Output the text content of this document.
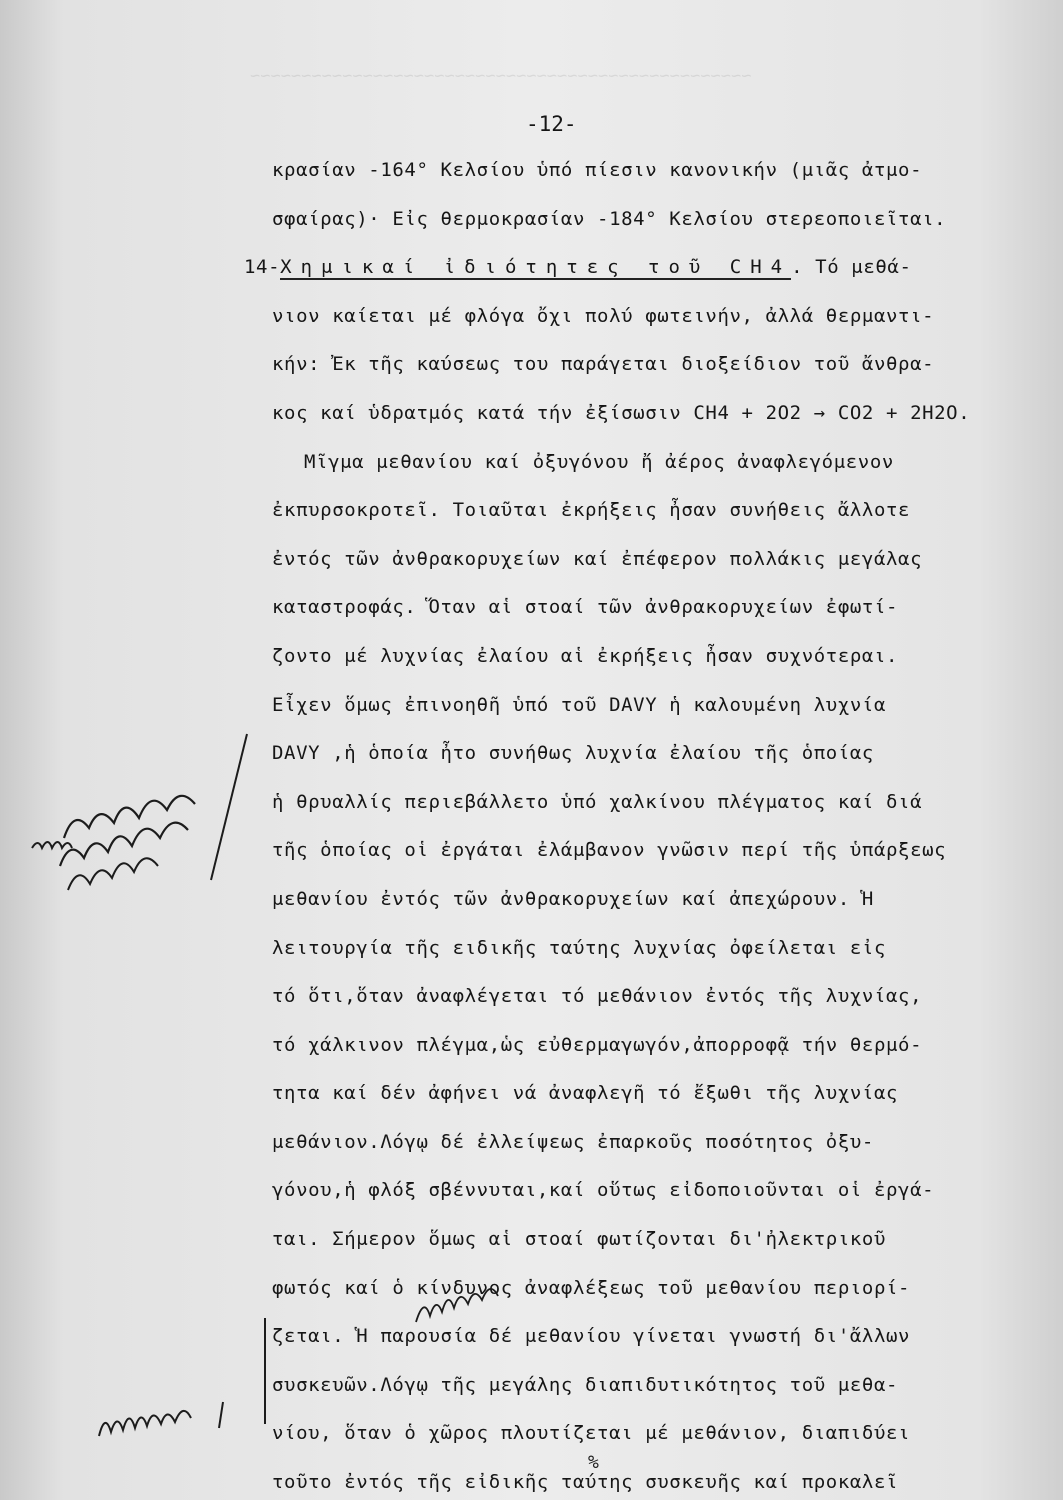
~~~~~~~~~~~~~~~~~~~~~~~~~~~~~~~~~~~~~~~~~~~~~~~~~
-12-
κρασίαν -164° Κελσίου ὑπό πίεσιν κανονικήν (μιᾶς ἀτμο-
σφαίρας)· Εἰς θερμοκρασίαν -184° Κελσίου στερεοποιεῖται.
14-Χημικαί ἰδιότητες τοῦ CH4. Τό μεθά-
νιον καίεται μέ φλόγα ὄχι πολύ φωτεινήν, ἀλλά θερμαντι-
κήν: Ἐκ τῆς καύσεως του παράγεται διοξείδιον τοῦ ἄνθρα-
κος καί ὑδρατμός κατά τήν ἐξίσωσιν CH4 + 2O2 → CO2 + 2H2O.
Μῖγμα μεθανίου καί ὀξυγόνου ἤ ἀέρος ἀναφλεγόμενον
ἐκπυρσοκροτεῖ. Τοιαῦται ἐκρήξεις ἦσαν συνήθεις ἄλλοτε
ἐντός τῶν ἀνθρακορυχείων καί ἐπέφερον πολλάκις μεγάλας
καταστροφάς. Ὅταν αἱ στοαί τῶν ἀνθρακορυχείων ἐφωτί-
ζοντο μέ λυχνίας ἐλαίου αἱ ἐκρήξεις ἦσαν συχνότεραι.
Εἶχεν ὅμως ἐπινοηθῆ ὑπό τοῦ DAVY ἡ καλουμένη λυχνία
DAVY ,ἡ ὁποία ἦτο συνήθως λυχνία ἐλαίου τῆς ὁποίας
ἡ θρυαλλίς περιεβάλλετο ὑπό χαλκίνου πλέγματος καί διά
τῆς ὁποίας οἱ ἐργάται ἐλάμβανον γνῶσιν περί τῆς ὑπάρξεως
μεθανίου ἐντός τῶν ἀνθρακορυχείων καί ἀπεχώρουν. Ἡ
λειτουργία τῆς ειδικῆς ταύτης λυχνίας ὀφείλεται εἰς
τό ὅτι,ὅταν ἀναφλέγεται τό μεθάνιον ἐντός τῆς λυχνίας,
τό χάλκινον πλέγμα,ὡς εὐθερμαγωγόν,ἀπορροφᾷ τήν θερμό-
τητα καί δέν ἀφήνει νά ἀναφλεγῆ τό ἔξωθι τῆς λυχνίας
μεθάνιον.Λόγῳ δέ ἐλλείψεως ἐπαρκοῦς ποσότητος ὀξυ-
γόνου,ἡ φλόξ σβέννυται,καί οὕτως εἰδοποιοῦνται οἱ ἐργά-
ται. Σήμερον ὅμως αἱ στοαί φωτίζονται δι'ἠλεκτρικοῦ
φωτός καί ὁ κίνδυνος ἀναφλέξεως τοῦ μεθανίου περιορί-
ζεται. Ἡ παρουσία δέ μεθανίου γίνεται γνωστή δι'ἄλλων
συσκευῶν.Λόγῳ τῆς μεγάλης διαπιδυτικότητος τοῦ μεθα-
νίου, ὅταν ὁ χῶρος πλουτίζεται μέ μεθάνιον, διαπιδύει
τοῦτο ἐντός τῆς εἰδικῆς ταύτης συσκευῆς καί προκαλεῖ
%
